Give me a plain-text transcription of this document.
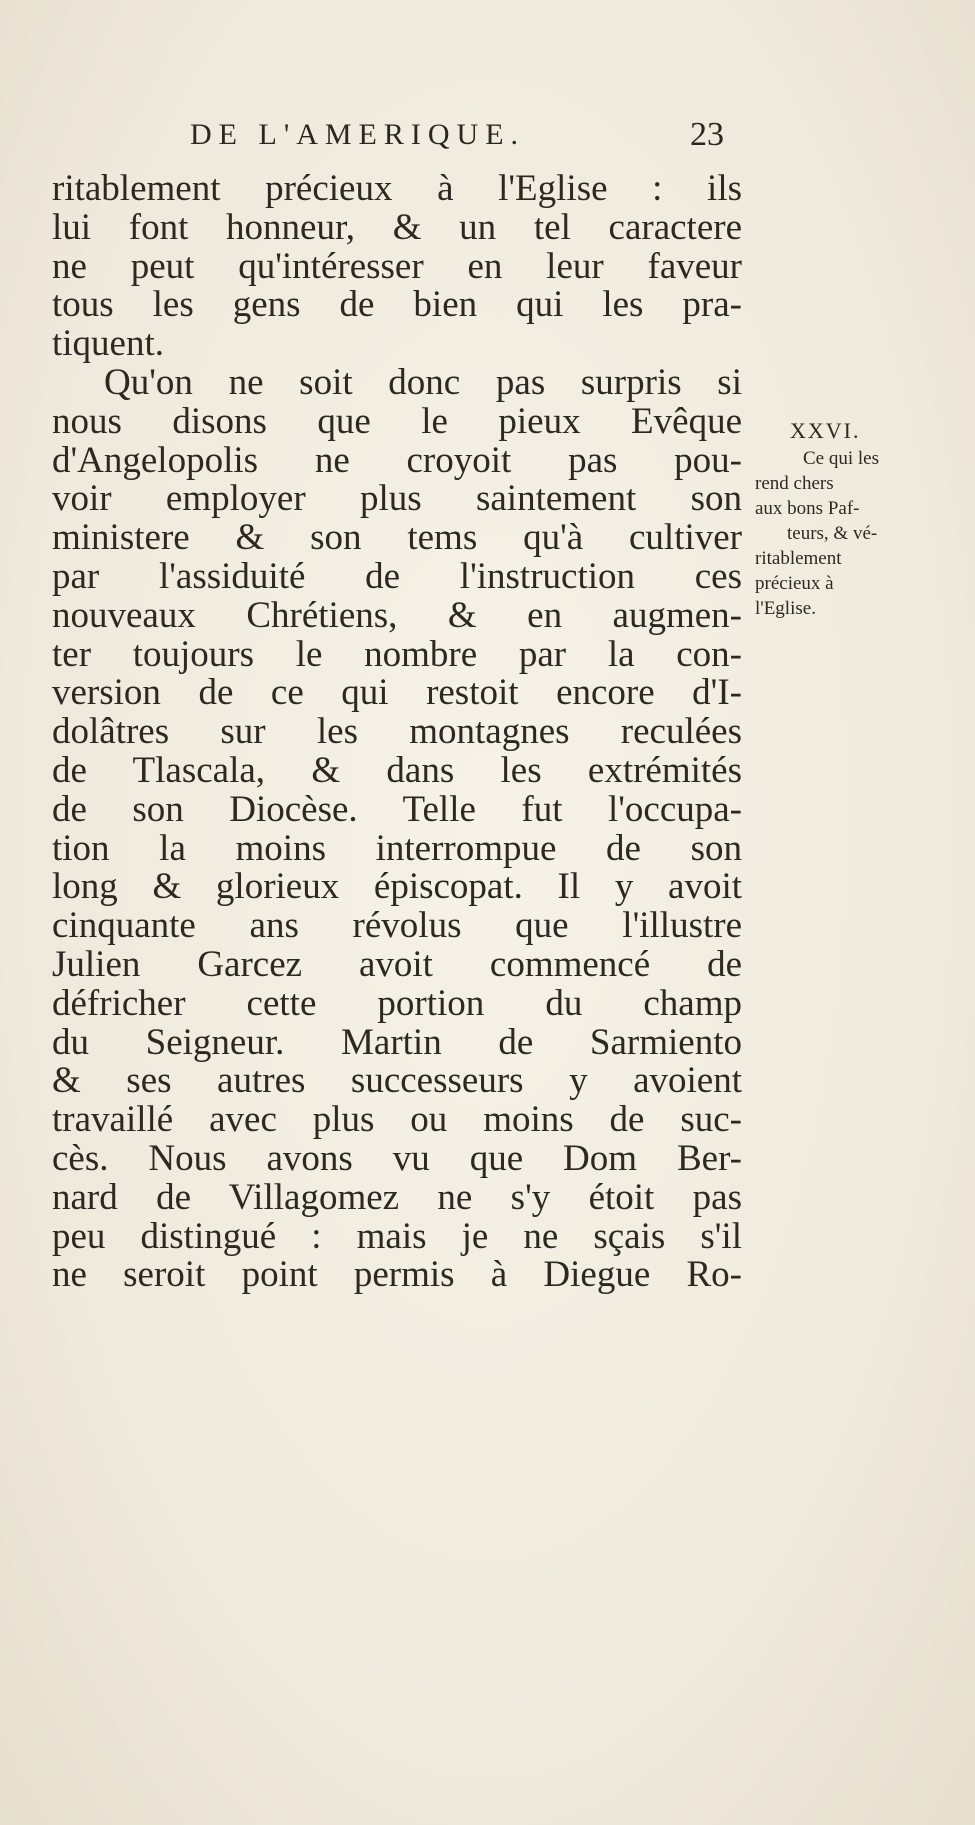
DE L'AMERIQUE.	23
ritablement précieux à l'Eglise : ils
lui font honneur, & un tel caractere
ne peut qu'intéresser en leur faveur
tous les gens de bien qui les pra-
tiquent.
Qu'on ne soit donc pas surpris si
nous disons que le pieux Evêque
d'Angelopolis ne croyoit pas pou-
voir employer plus saintement son
ministere & son tems qu'à cultiver
par l'assiduité de l'instruction ces
nouveaux Chrétiens, & en augmen-
ter toujours le nombre par la con-
version de ce qui restoit encore d'I-
dolâtres sur les montagnes reculées
de Tlascala, & dans les extrémités
de son Diocèse. Telle fut l'occupa-
tion la moins interrompue de son
long & glorieux épiscopat. Il y avoit
cinquante ans révolus que l'illustre
Julien Garcez avoit commencé de
défricher cette portion du champ
du Seigneur. Martin de Sarmiento
& ses autres successeurs y avoient
travaillé avec plus ou moins de suc-
cès. Nous avons vu que Dom Ber-
nard de Villagomez ne s'y étoit pas
peu distingué : mais je ne sçais s'il
ne seroit point permis à Diegue Ro-
XXVI.
Ce qui les
rend chers
aux bons Paf-
teurs, & vé-
ritablement
précieux à
l'Eglise.
